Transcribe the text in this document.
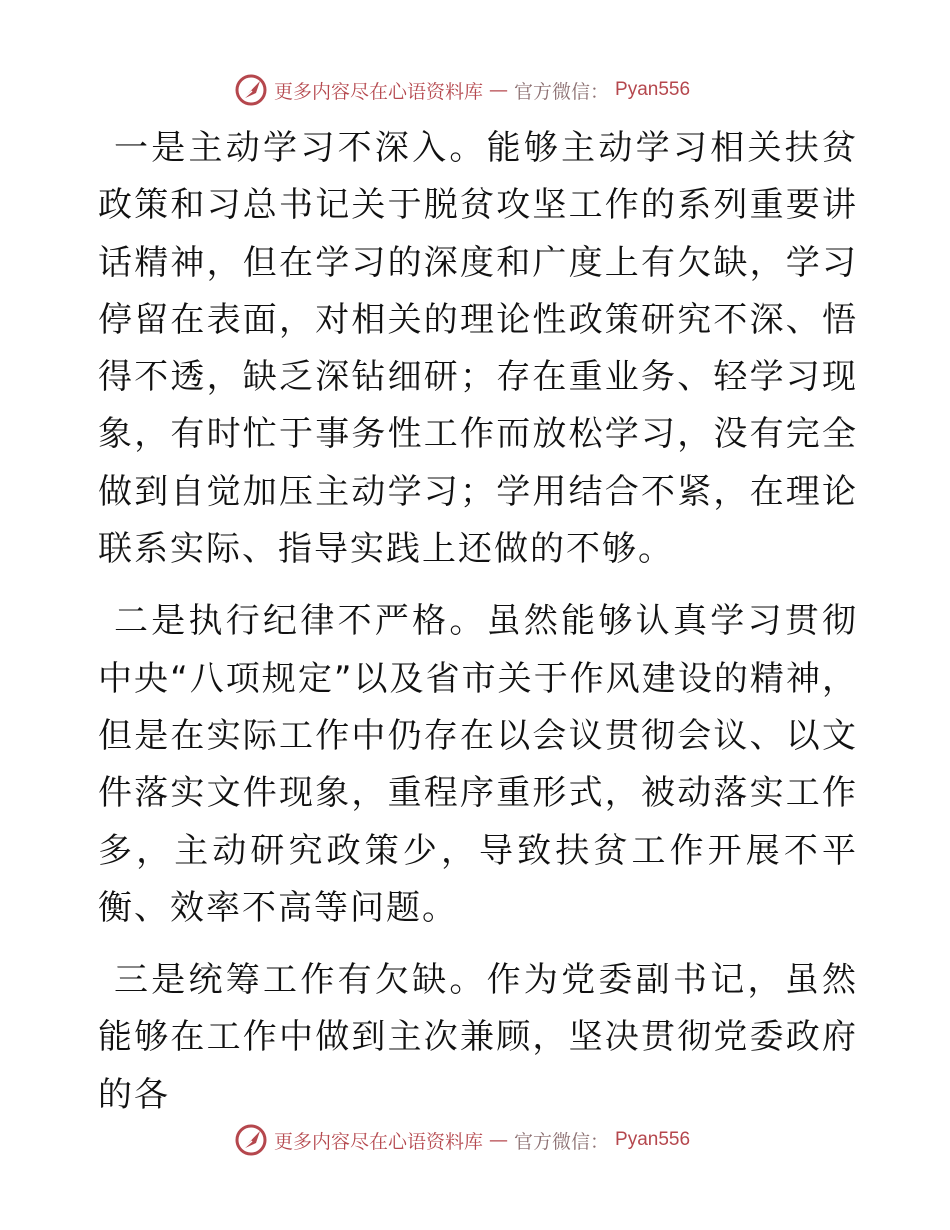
更多内容尽在心语资料库 — 官方微信： Pyan556

一是主动学习不深入。能够主动学习相关扶贫政策和习总书记关于脱贫攻坚工作的系列重要讲话精神，但在学习的深度和广度上有欠缺，学习停留在表面，对相关的理论性政策研究不深、悟得不透，缺乏深钻细研；存在重业务、轻学习现象，有时忙于事务性工作而放松学习，没有完全做到自觉加压主动学习；学用结合不紧，在理论联系实际、指导实践上还做的不够。

二是执行纪律不严格。虽然能够认真学习贯彻中央“八项规定”以及省市关于作风建设的精神，但是在实际工作中仍存在以会议贯彻会议、以文件落实文件现象，重程序重形式，被动落实工作多，主动研究政策少，导致扶贫工作开展不平衡、效率不高等问题。

三是统筹工作有欠缺。作为党委副书记，虽然能够在工作中做到主次兼顾，坚决贯彻党委政府的各

更多内容尽在心语资料库 — 官方微信： Pyan556
